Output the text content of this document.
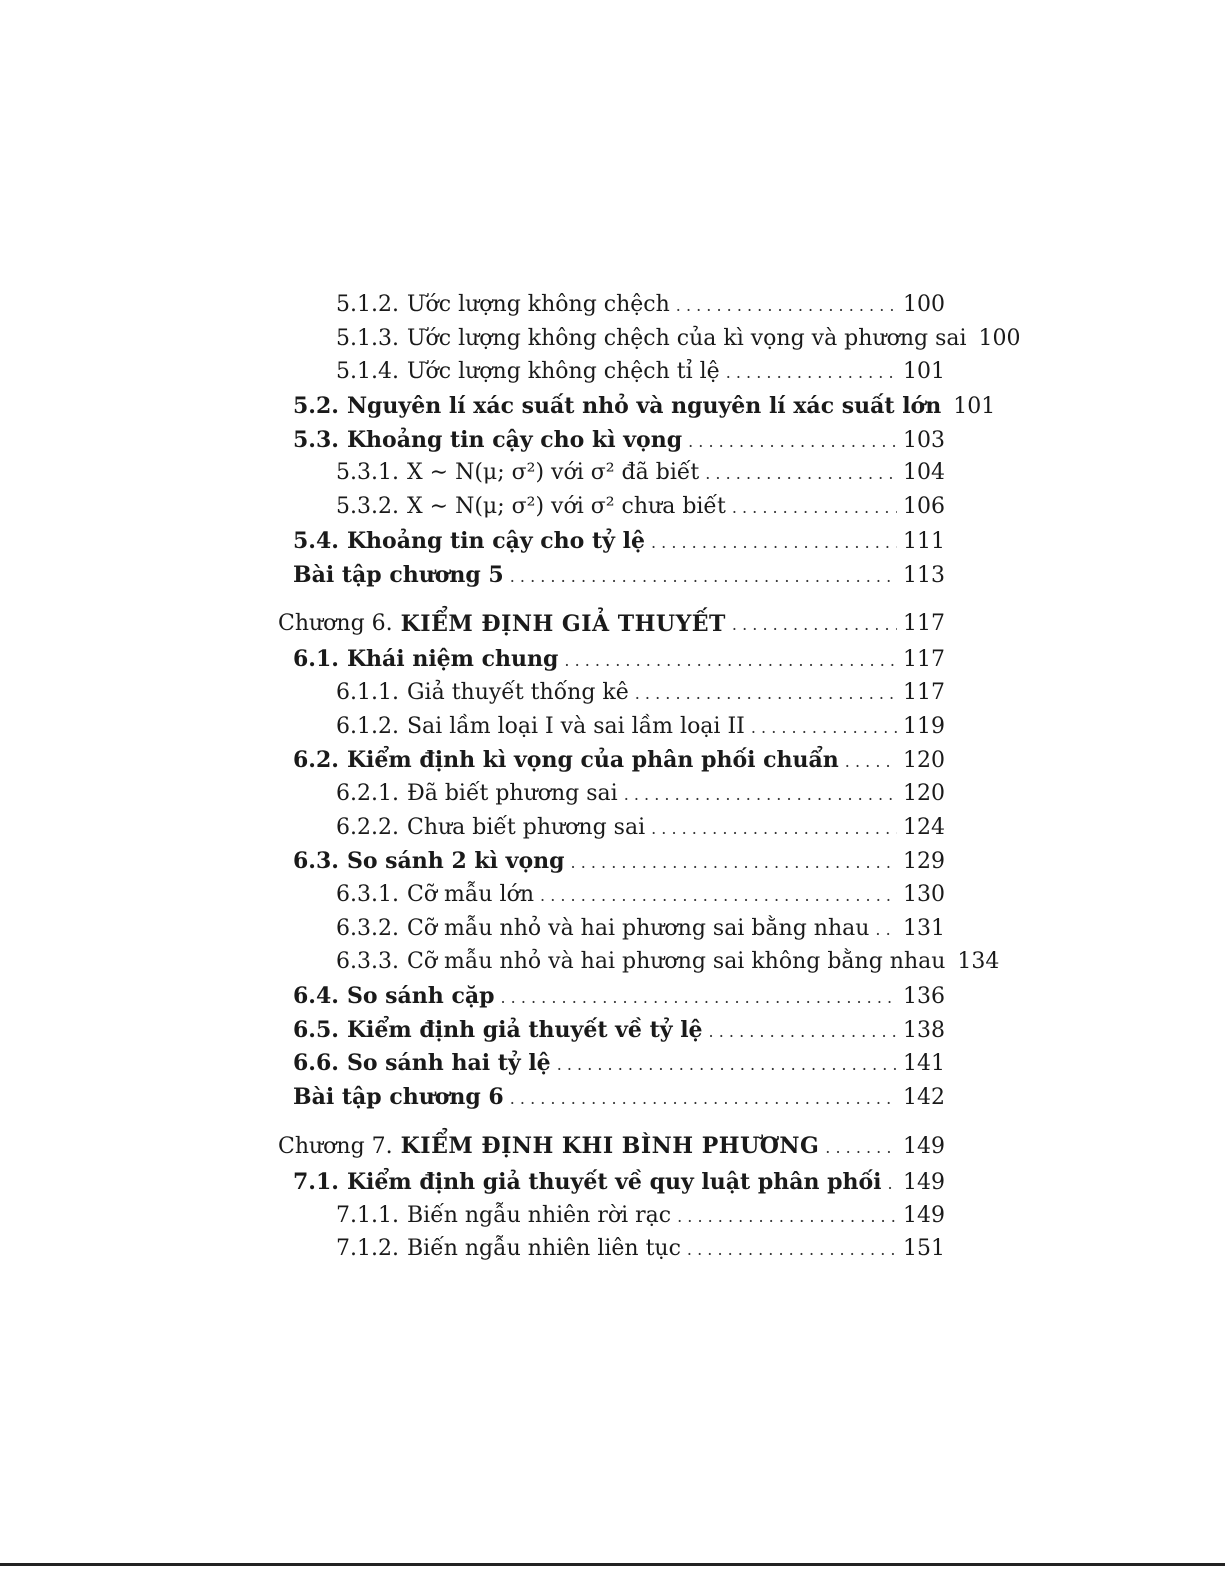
5.1.2. Ước lượng không chệch . . .	100
5.1.3. Ước lượng không chệch của kì vọng và phương sai 100
5.1.4. Ước lượng không chệch tỉ lệ . . .	101
5.2. Nguyên lí xác suất nhỏ và nguyên lí xác suất lớn 101
5.3. Khoảng tin cậy cho kì vọng . . .	103
5.3.1. X ∼ N(μ; σ²) với σ² đã biết . . .	104
5.3.2. X ∼ N(μ; σ²) với σ² chưa biết . . .	106
5.4. Khoảng tin cậy cho tỷ lệ . . .	111
Bài tập chương 5 . . .	113
Chương 6. KIỂM ĐỊNH GIẢ THUYẾT . . .	117
6.1. Khái niệm chung . . .	117
6.1.1. Giả thuyết thống kê . . .	117
6.1.2. Sai lầm loại I và sai lầm loại II . . .	119
6.2. Kiểm định kì vọng của phân phối chuẩn . . .	120
6.2.1. Đã biết phương sai . . .	120
6.2.2. Chưa biết phương sai . . .	124
6.3. So sánh 2 kì vọng . . .	129
6.3.1. Cỡ mẫu lớn . . .	130
6.3.2. Cỡ mẫu nhỏ và hai phương sai bằng nhau . . . 131
6.3.3. Cỡ mẫu nhỏ và hai phương sai không bằng nhau 134
6.4. So sánh cặp . . .	136
6.5. Kiểm định giả thuyết về tỷ lệ . . .	138
6.6. So sánh hai tỷ lệ . . .	141
Bài tập chương 6 . . .	142
Chương 7. KIỂM ĐỊNH KHI BÌNH PHƯƠNG . . .	149
7.1. Kiểm định giả thuyết về quy luật phân phối . . . 149
7.1.1. Biến ngẫu nhiên rời rạc . . .	149
7.1.2. Biến ngẫu nhiên liên tục . . .	151
